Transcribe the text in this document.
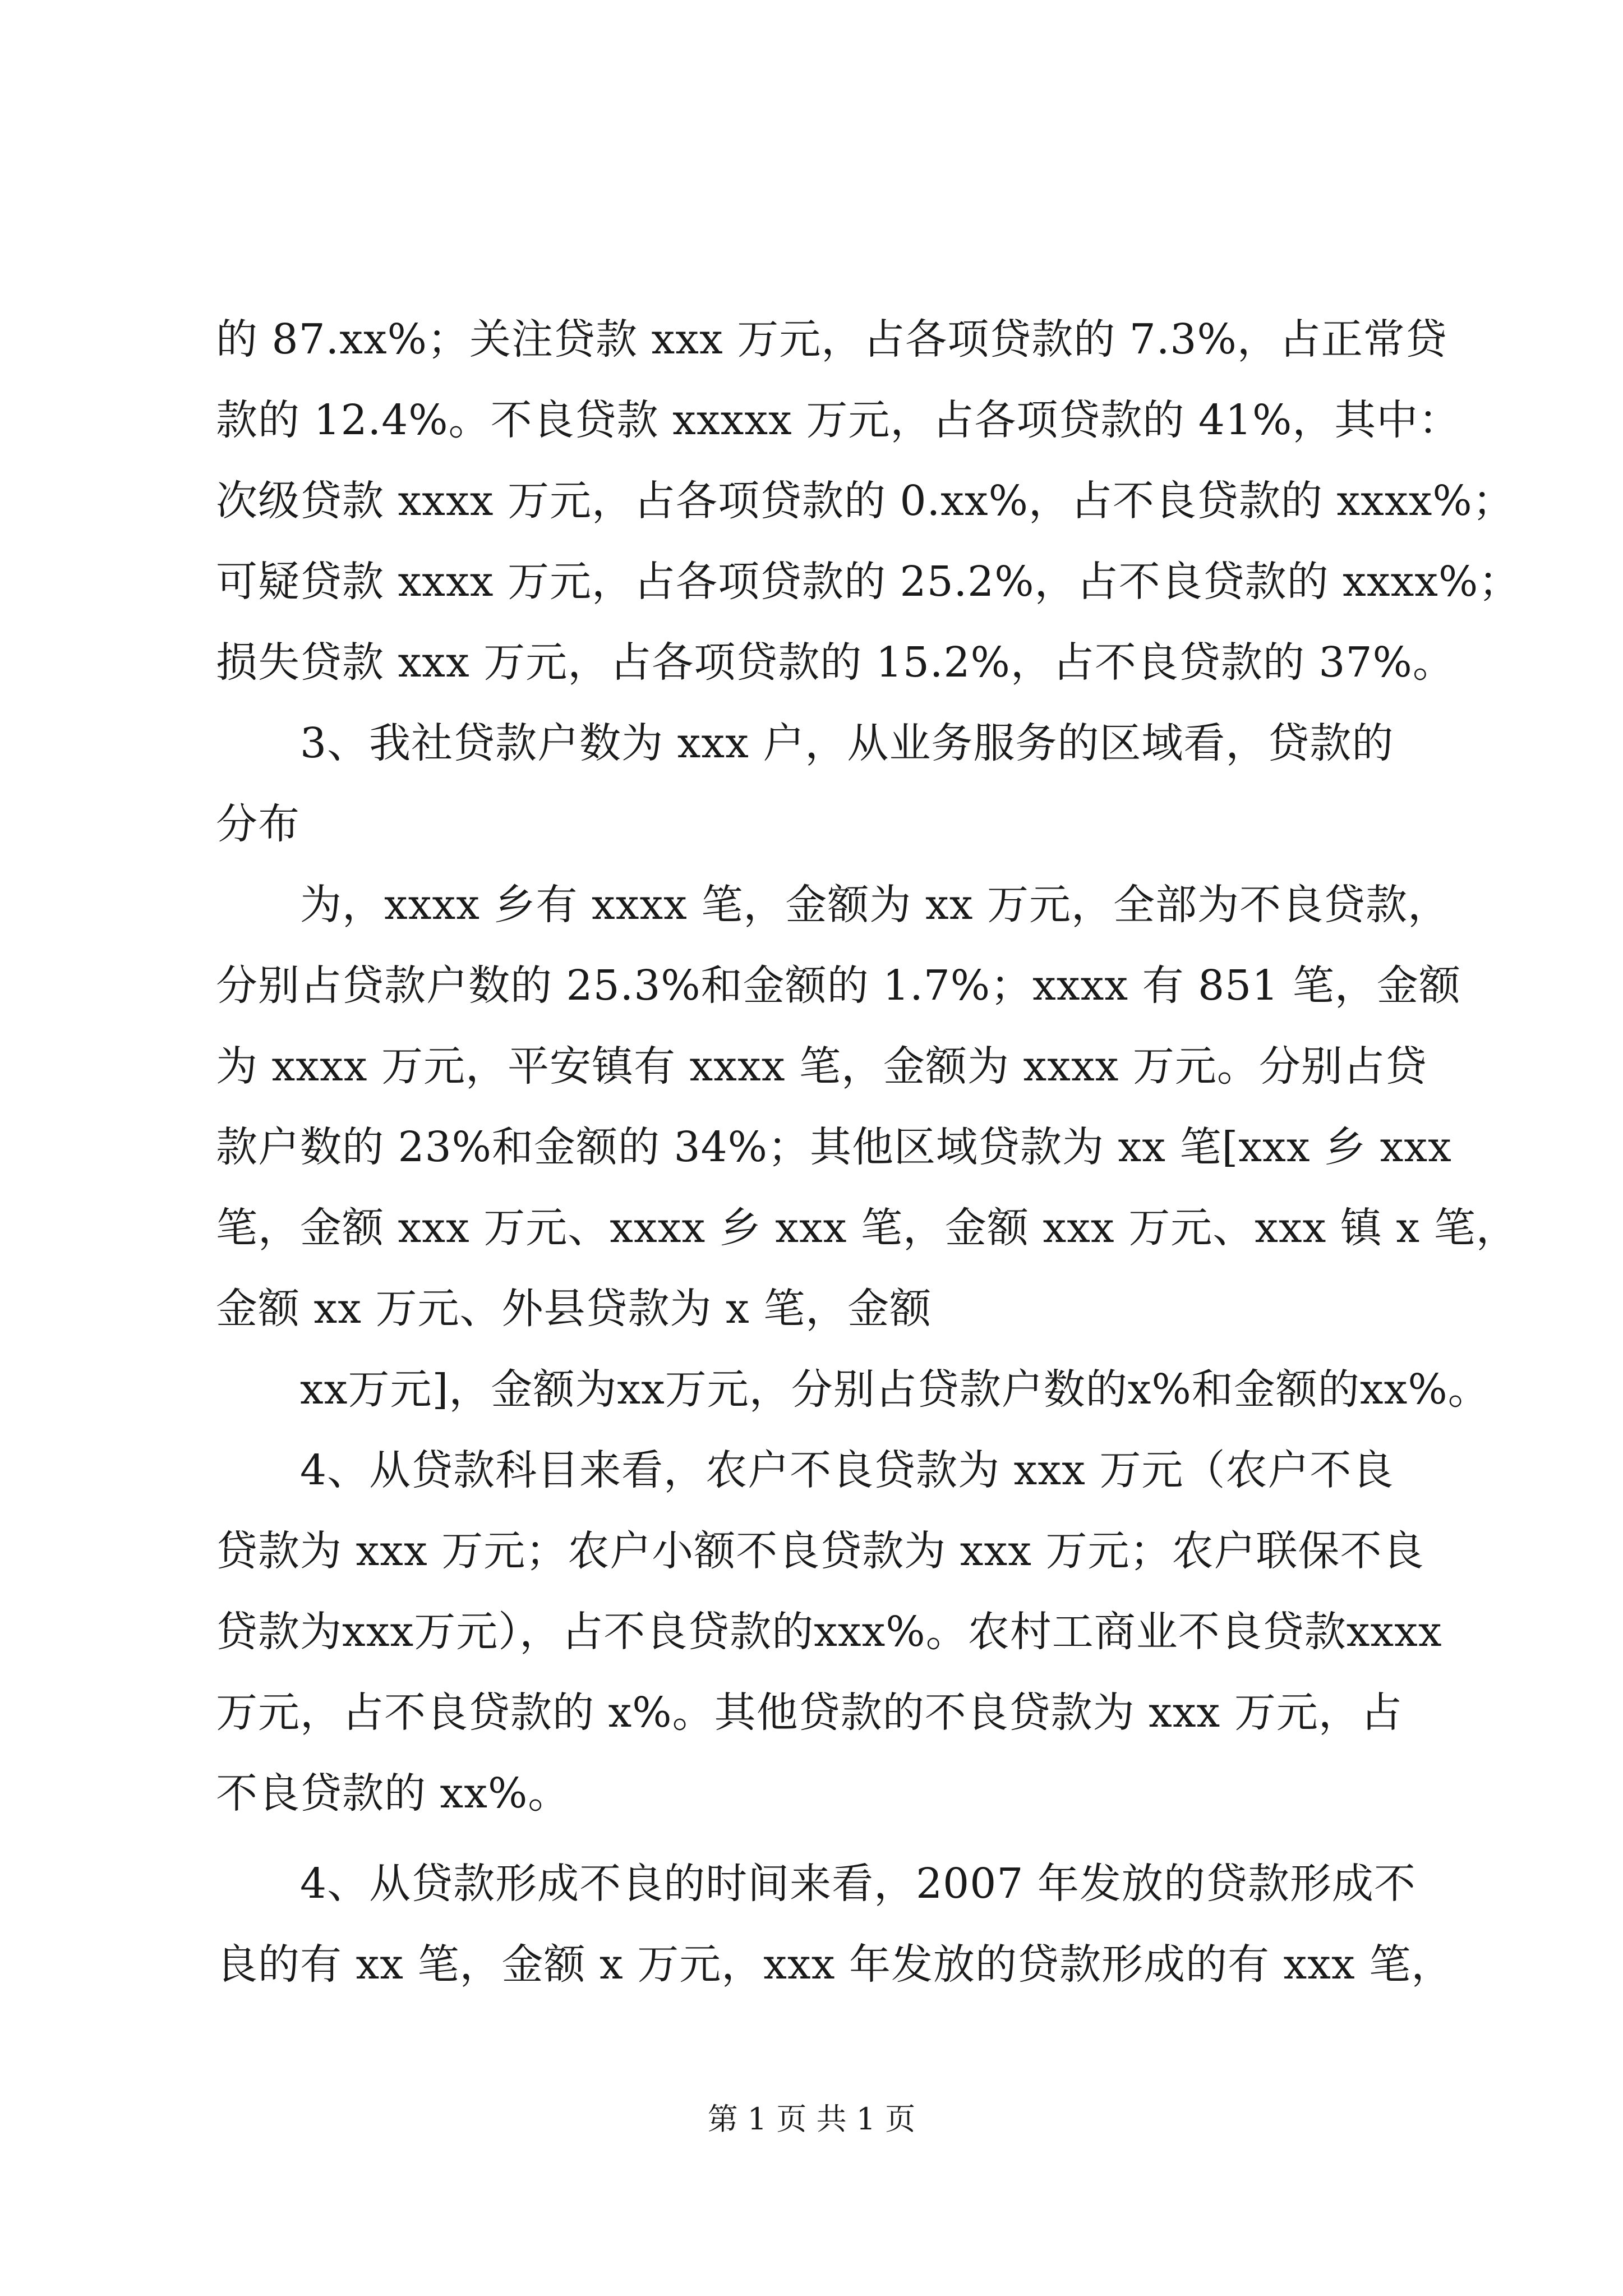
的 87.xx%；关注贷款 xxx 万元，占各项贷款的 7.3%，占正常贷
款的 12.4%。不良贷款 xxxxx 万元，占各项贷款的 41%，其中：
次级贷款 xxxx 万元，占各项贷款的 0.xx%，占不良贷款的 xxxx%；
可疑贷款 xxxx 万元，占各项贷款的 25.2%，占不良贷款的 xxxx%；
损失贷款 xxx 万元，占各项贷款的 15.2%，占不良贷款的 37%。
3、我社贷款户数为 xxx 户，从业务服务的区域看，贷款的
分布
为，xxxx 乡有 xxxx 笔，金额为 xx 万元，全部为不良贷款，
分别占贷款户数的 25.3%和金额的 1.7%；xxxx 有 851 笔，金额
为 xxxx 万元，平安镇有 xxxx 笔，金额为 xxxx 万元。分别占贷
款户数的 23%和金额的 34%；其他区域贷款为 xx 笔[xxx 乡 xxx
笔，金额 xxx 万元、xxxx 乡 xxx 笔，金额 xxx 万元、xxx 镇 x 笔，
金额 xx 万元、外县贷款为 x 笔，金额
xx万元]，金额为xx万元，分别占贷款户数的x%和金额的xx%。
4、从贷款科目来看，农户不良贷款为 xxx 万元（农户不良
贷款为 xxx 万元；农户小额不良贷款为 xxx 万元；农户联保不良
贷款为xxx万元），占不良贷款的xxx%。农村工商业不良贷款xxxx
万元，占不良贷款的 x%。其他贷款的不良贷款为 xxx 万元，占
不良贷款的 xx%。
4、从贷款形成不良的时间来看，2007 年发放的贷款形成不
良的有 xx 笔，金额 x 万元，xxx 年发放的贷款形成的有 xxx 笔，
第 1 页 共 1 页
